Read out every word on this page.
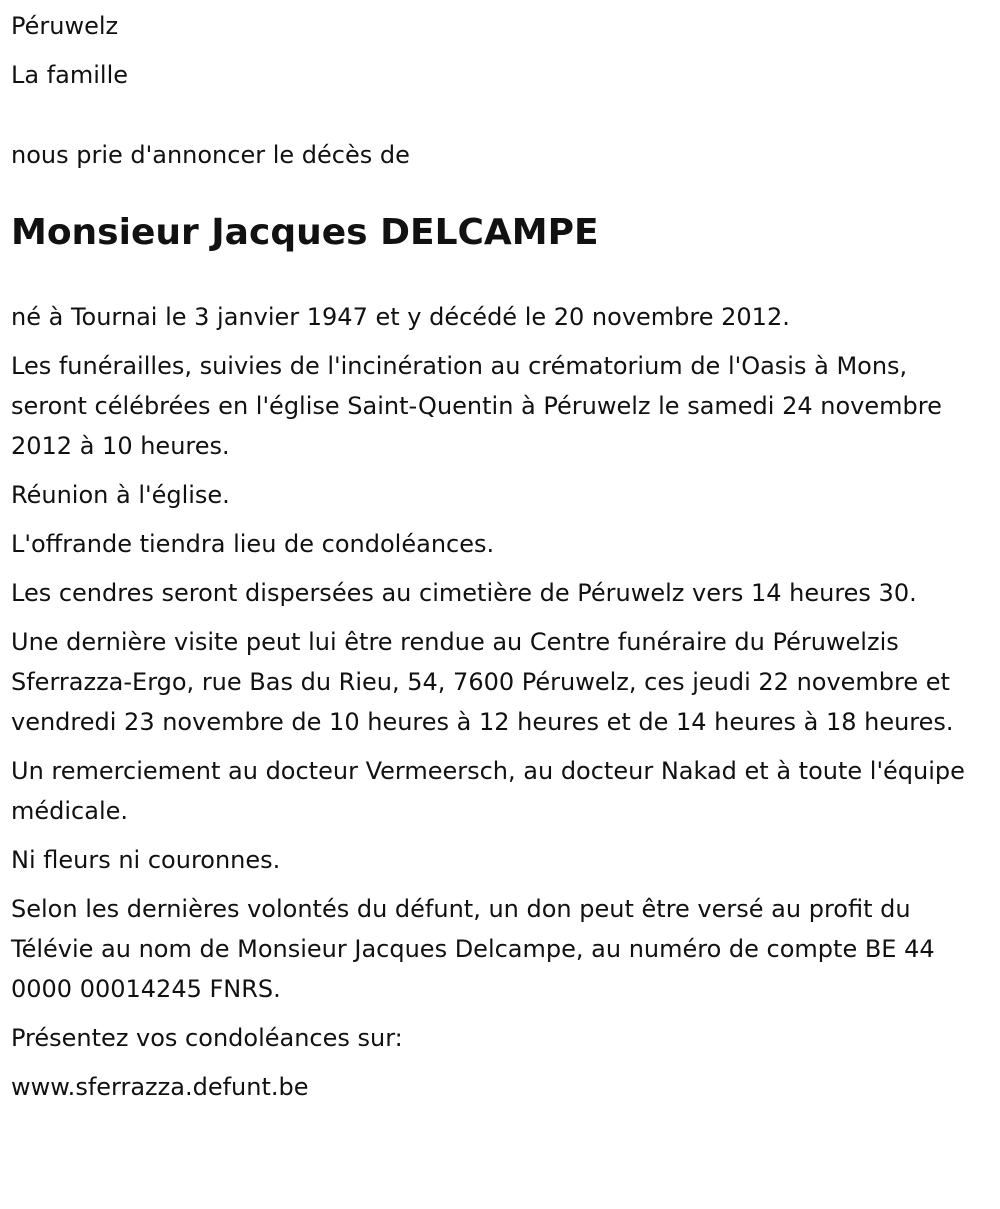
Péruwelz

La famille

nous prie d'annoncer le décès de

Monsieur Jacques DELCAMPE

né à Tournai le 3 janvier 1947 et y décédé le 20 novembre 2012.

Les funérailles, suivies de l'incinération au crématorium de l'Oasis à Mons, seront célébrées en l'église Saint-Quentin à Péruwelz le samedi 24 novembre 2012 à 10 heures.

Réunion à l'église.

L'offrande tiendra lieu de condoléances.

Les cendres seront dispersées au cimetière de Péruwelz vers 14 heures 30.

Une dernière visite peut lui être rendue au Centre funéraire du Péruwelzis Sferrazza-Ergo, rue Bas du Rieu, 54, 7600 Péruwelz, ces jeudi 22 novembre et vendredi 23 novembre de 10 heures à 12 heures et de 14 heures à 18 heures.

Un remerciement au docteur Vermeersch, au docteur Nakad et à toute l'équipe médicale.

Ni fleurs ni couronnes.

Selon les dernières volontés du défunt, un don peut être versé au profit du Télévie au nom de Monsieur Jacques Delcampe, au numéro de compte BE 44 0000 00014245 FNRS.

Présentez vos condoléances sur:

www.sferrazza.defunt.be
